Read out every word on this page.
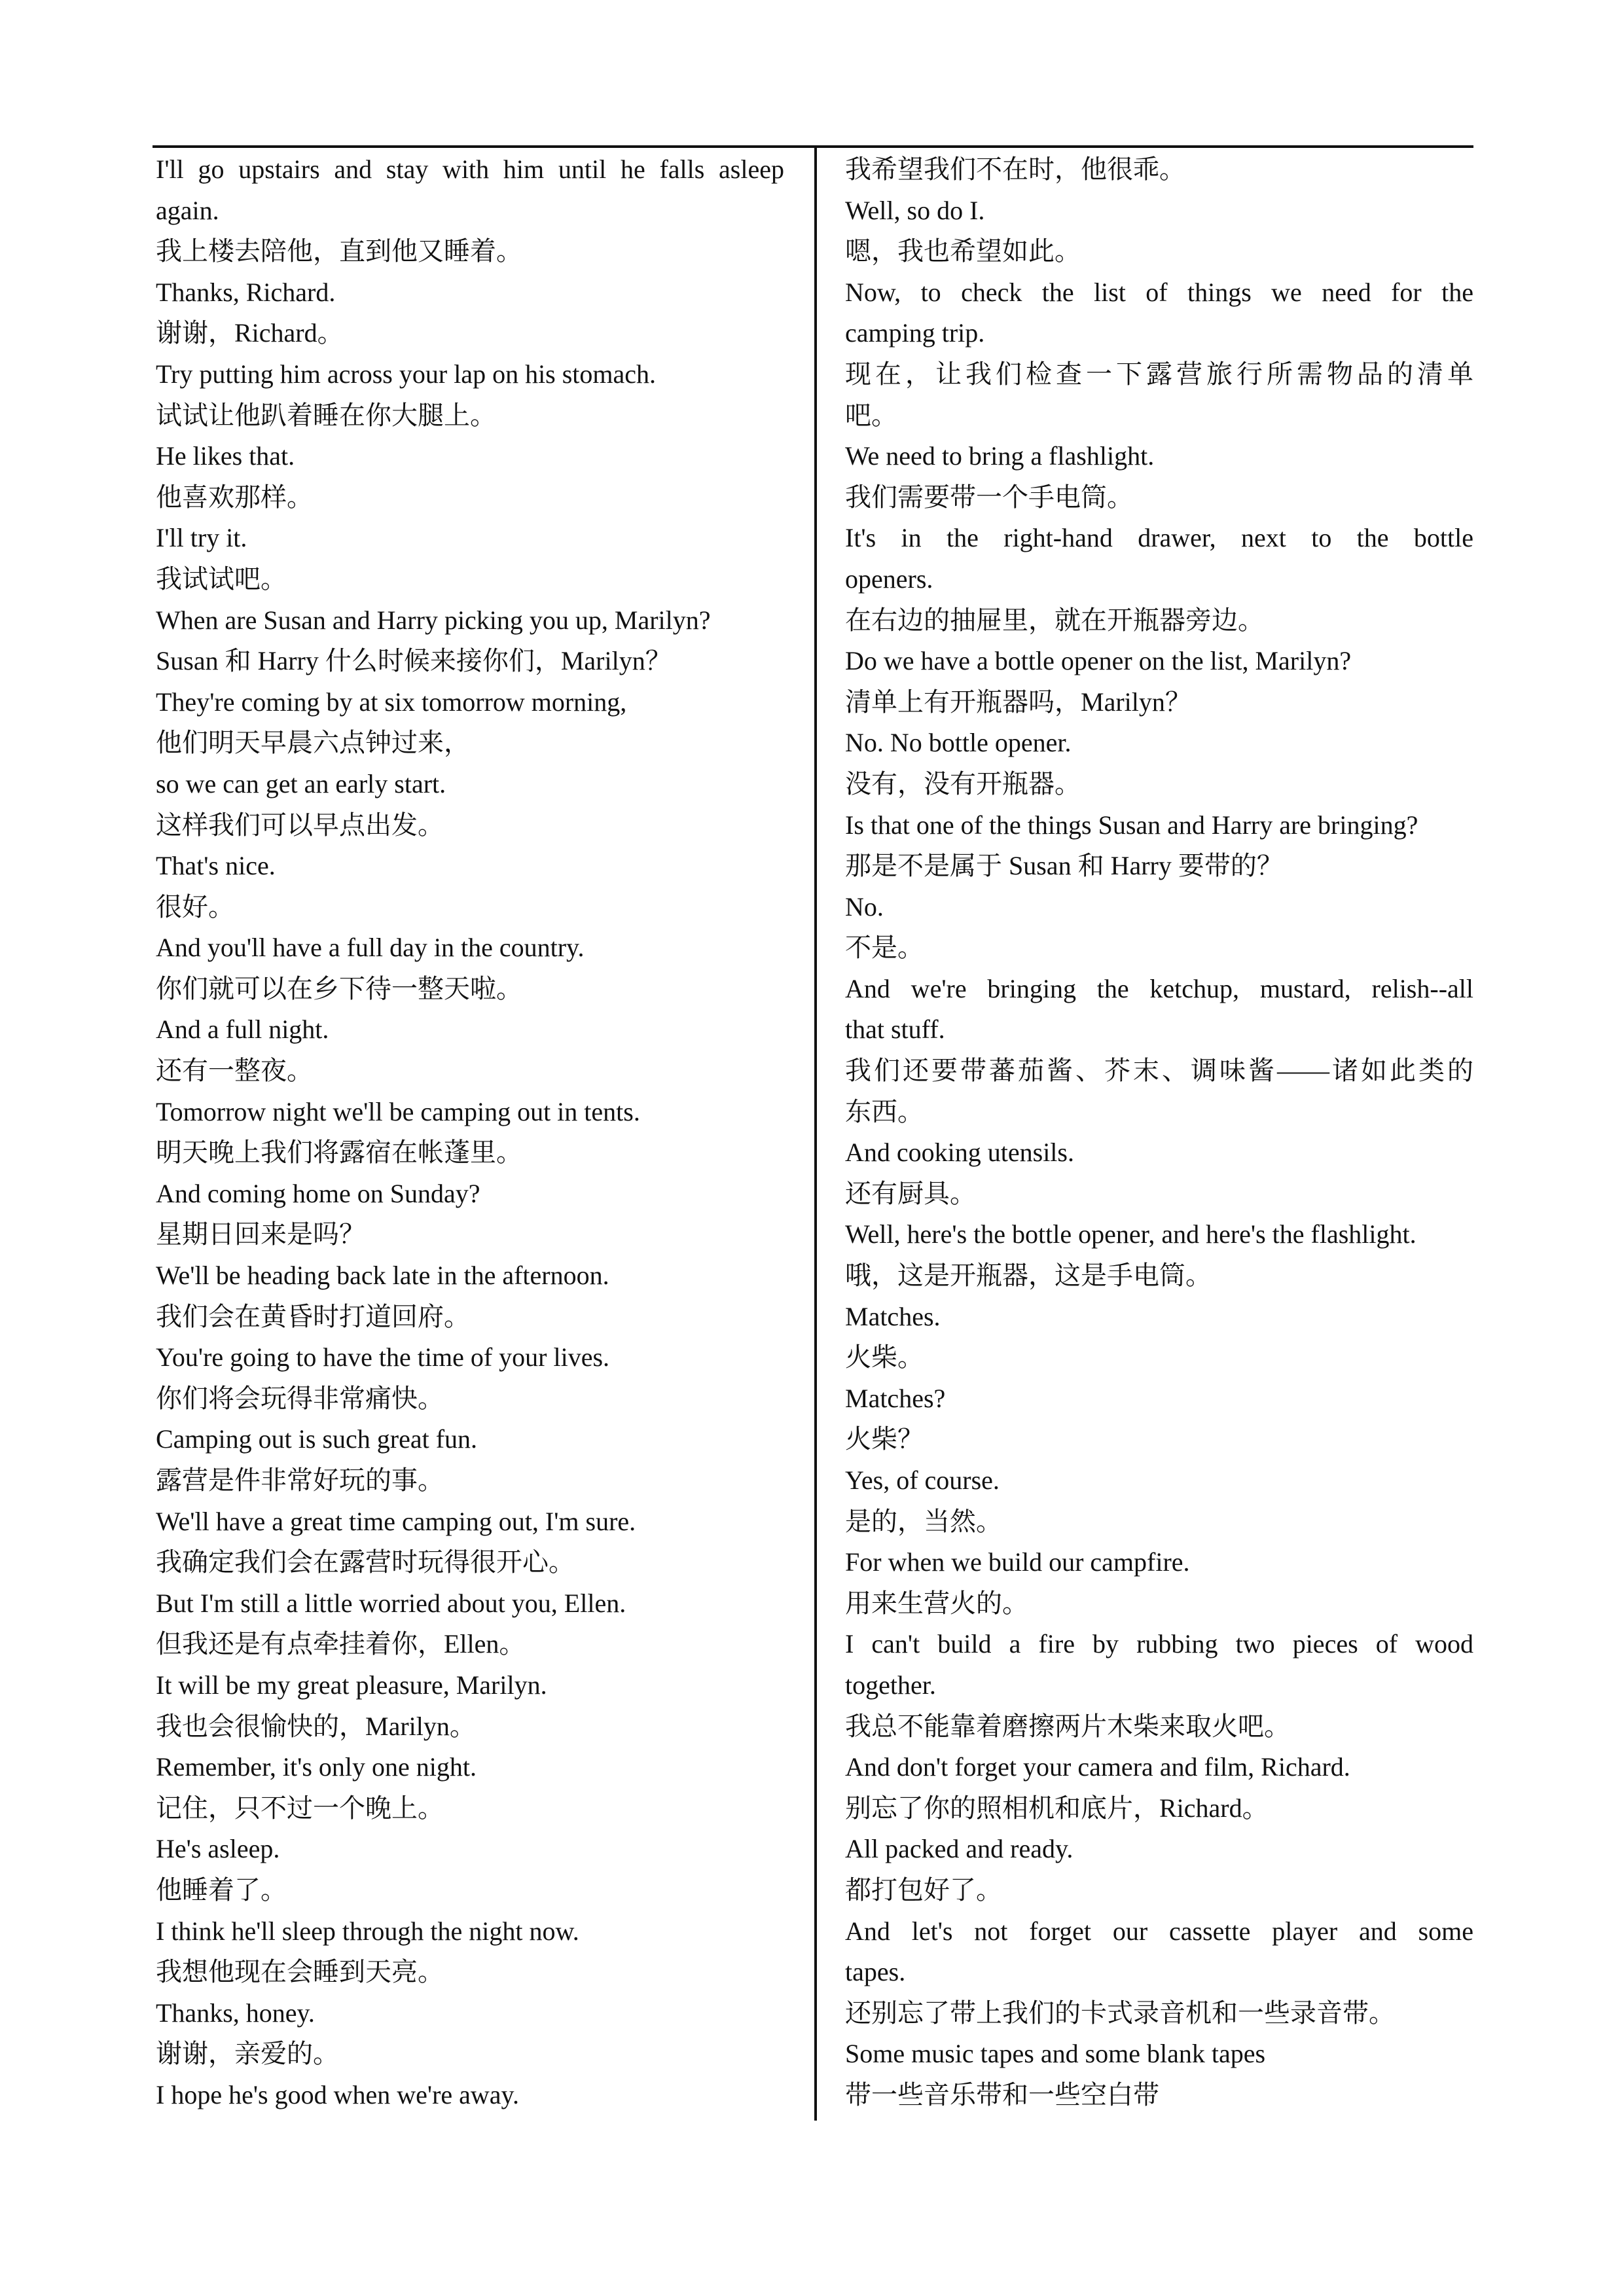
I'll go upstairs and stay with him until he falls asleep
again.
我上楼去陪他，直到他又睡着。
Thanks, Richard.
谢谢，Richard。
Try putting him across your lap on his stomach.
试试让他趴着睡在你大腿上。
He likes that.
他喜欢那样。
I'll try it.
我试试吧。
When are Susan and Harry picking you up, Marilyn?
Susan 和 Harry 什么时候来接你们，Marilyn？
They're coming by at six tomorrow morning,
他们明天早晨六点钟过来，
so we can get an early start.
这样我们可以早点出发。
That's nice.
很好。
And you'll have a full day in the country.
你们就可以在乡下待一整天啦。
And a full night.
还有一整夜。
Tomorrow night we'll be camping out in tents.
明天晚上我们将露宿在帐蓬里。
And coming home on Sunday?
星期日回来是吗？
We'll be heading back late in the afternoon.
我们会在黄昏时打道回府。
You're going to have the time of your lives.
你们将会玩得非常痛快。
Camping out is such great fun.
露营是件非常好玩的事。
We'll have a great time camping out, I'm sure.
我确定我们会在露营时玩得很开心。
But I'm still a little worried about you, Ellen.
但我还是有点牵挂着你，Ellen。
It will be my great pleasure, Marilyn.
我也会很愉快的，Marilyn。
Remember, it's only one night.
记住，只不过一个晚上。
He's asleep.
他睡着了。
I think he'll sleep through the night now.
我想他现在会睡到天亮。
Thanks, honey.
谢谢，亲爱的。
I hope he's good when we're away.
我希望我们不在时，他很乖。
Well, so do I.
嗯，我也希望如此。
Now, to check the list of things we need for the
camping trip.
现在，让我们检查一下露营旅行所需物品的清单
吧。
We need to bring a flashlight.
我们需要带一个手电筒。
It's in the right-hand drawer, next to the bottle
openers.
在右边的抽屉里，就在开瓶器旁边。
Do we have a bottle opener on the list, Marilyn?
清单上有开瓶器吗，Marilyn？
No. No bottle opener.
没有，没有开瓶器。
Is that one of the things Susan and Harry are bringing?
那是不是属于 Susan 和 Harry 要带的？
No.
不是。
And we're bringing the ketchup, mustard, relish--all
that stuff.
我们还要带蕃茄酱、芥末、调味酱——诸如此类的
东西。
And cooking utensils.
还有厨具。
Well, here's the bottle opener, and here's the flashlight.
哦，这是开瓶器，这是手电筒。
Matches.
火柴。
Matches?
火柴？
Yes, of course.
是的，当然。
For when we build our campfire.
用来生营火的。
I can't build a fire by rubbing two pieces of wood
together.
我总不能靠着磨擦两片木柴来取火吧。
And don't forget your camera and film, Richard.
别忘了你的照相机和底片，Richard。
All packed and ready.
都打包好了。
And let's not forget our cassette player and some
tapes.
还别忘了带上我们的卡式录音机和一些录音带。
Some music tapes and some blank tapes
带一些音乐带和一些空白带
